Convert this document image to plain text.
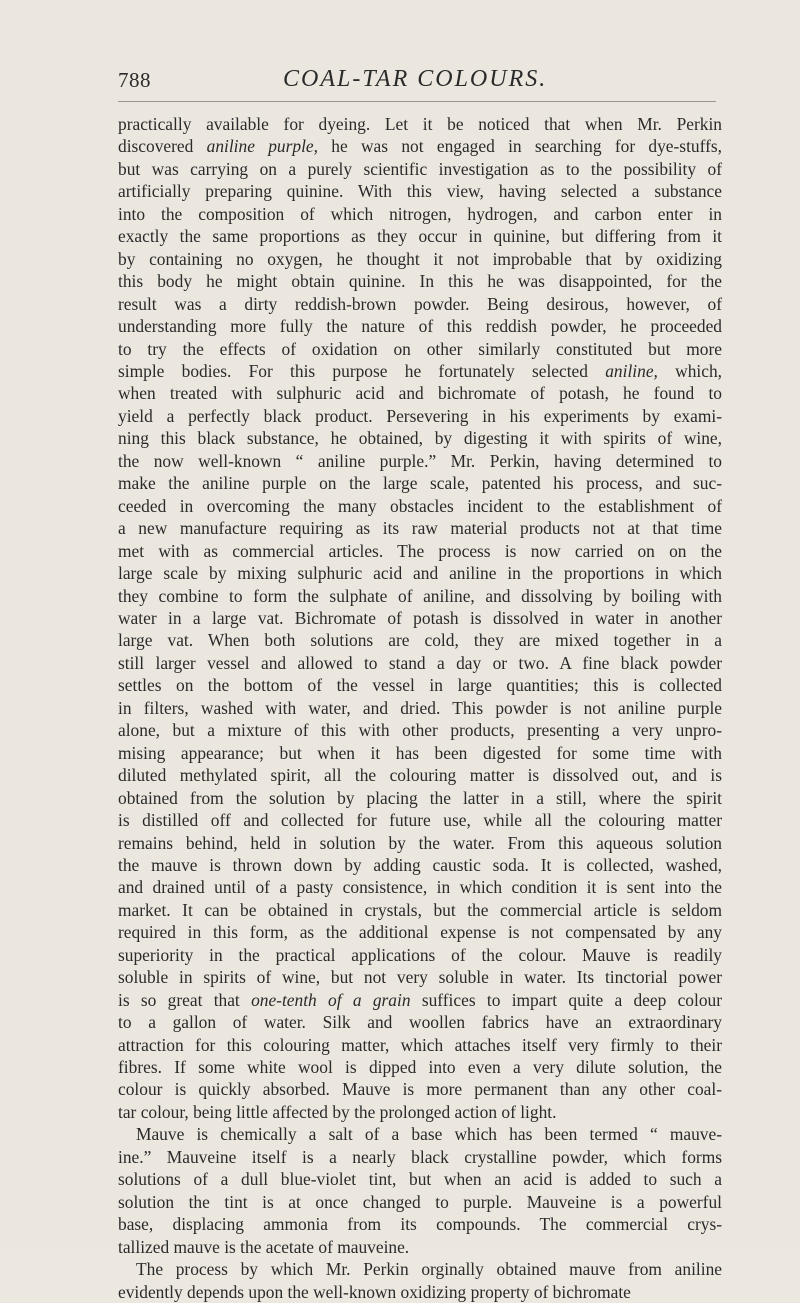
788	COAL-TAR COLOURS.

practically available for dyeing. Let it be noticed that when Mr. Perkin
discovered aniline purple, he was not engaged in searching for dye-stuffs,
but was carrying on a purely scientific investigation as to the possibility of
artificially preparing quinine. With this view, having selected a substance
into the composition of which nitrogen, hydrogen, and carbon enter in
exactly the same proportions as they occur in quinine, but differing from it
by containing no oxygen, he thought it not improbable that by oxidizing
this body he might obtain quinine. In this he was disappointed, for the
result was a dirty reddish-brown powder. Being desirous, however, of
understanding more fully the nature of this reddish powder, he proceeded
to try the effects of oxidation on other similarly constituted but more
simple bodies. For this purpose he fortunately selected aniline, which,
when treated with sulphuric acid and bichromate of potash, he found to
yield a perfectly black product. Persevering in his experiments by exami-
ning this black substance, he obtained, by digesting it with spirits of wine,
the now well-known “ aniline purple.” Mr. Perkin, having determined to
make the aniline purple on the large scale, patented his process, and suc-
ceeded in overcoming the many obstacles incident to the establishment of
a new manufacture requiring as its raw material products not at that time
met with as commercial articles. The process is now carried on on the
large scale by mixing sulphuric acid and aniline in the proportions in which
they combine to form the sulphate of aniline, and dissolving by boiling with
water in a large vat. Bichromate of potash is dissolved in water in another
large vat. When both solutions are cold, they are mixed together in a
still larger vessel and allowed to stand a day or two. A fine black powder
settles on the bottom of the vessel in large quantities; this is collected
in filters, washed with water, and dried. This powder is not aniline purple
alone, but a mixture of this with other products, presenting a very unpro-
mising appearance; but when it has been digested for some time with
diluted methylated spirit, all the colouring matter is dissolved out, and is
obtained from the solution by placing the latter in a still, where the spirit
is distilled off and collected for future use, while all the colouring matter
remains behind, held in solution by the water. From this aqueous solution
the mauve is thrown down by adding caustic soda. It is collected, washed,
and drained until of a pasty consistence, in which condition it is sent into the
market. It can be obtained in crystals, but the commercial article is seldom
required in this form, as the additional expense is not compensated by any
superiority in the practical applications of the colour. Mauve is readily
soluble in spirits of wine, but not very soluble in water. Its tinctorial power
is so great that one-tenth of a grain suffices to impart quite a deep colour
to a gallon of water. Silk and woollen fabrics have an extraordinary
attraction for this colouring matter, which attaches itself very firmly to their
fibres. If some white wool is dipped into even a very dilute solution, the
colour is quickly absorbed. Mauve is more permanent than any other coal-
tar colour, being little affected by the prolonged action of light.

Mauve is chemically a salt of a base which has been termed “ mauve-
ine.” Mauveine itself is a nearly black crystalline powder, which forms
solutions of a dull blue-violet tint, but when an acid is added to such a
solution the tint is at once changed to purple. Mauveine is a powerful
base, displacing ammonia from its compounds. The commercial crys-
tallized mauve is the acetate of mauveine.

The process by which Mr. Perkin orginally obtained mauve from aniline
evidently depends upon the well-known oxidizing property of bichromate
